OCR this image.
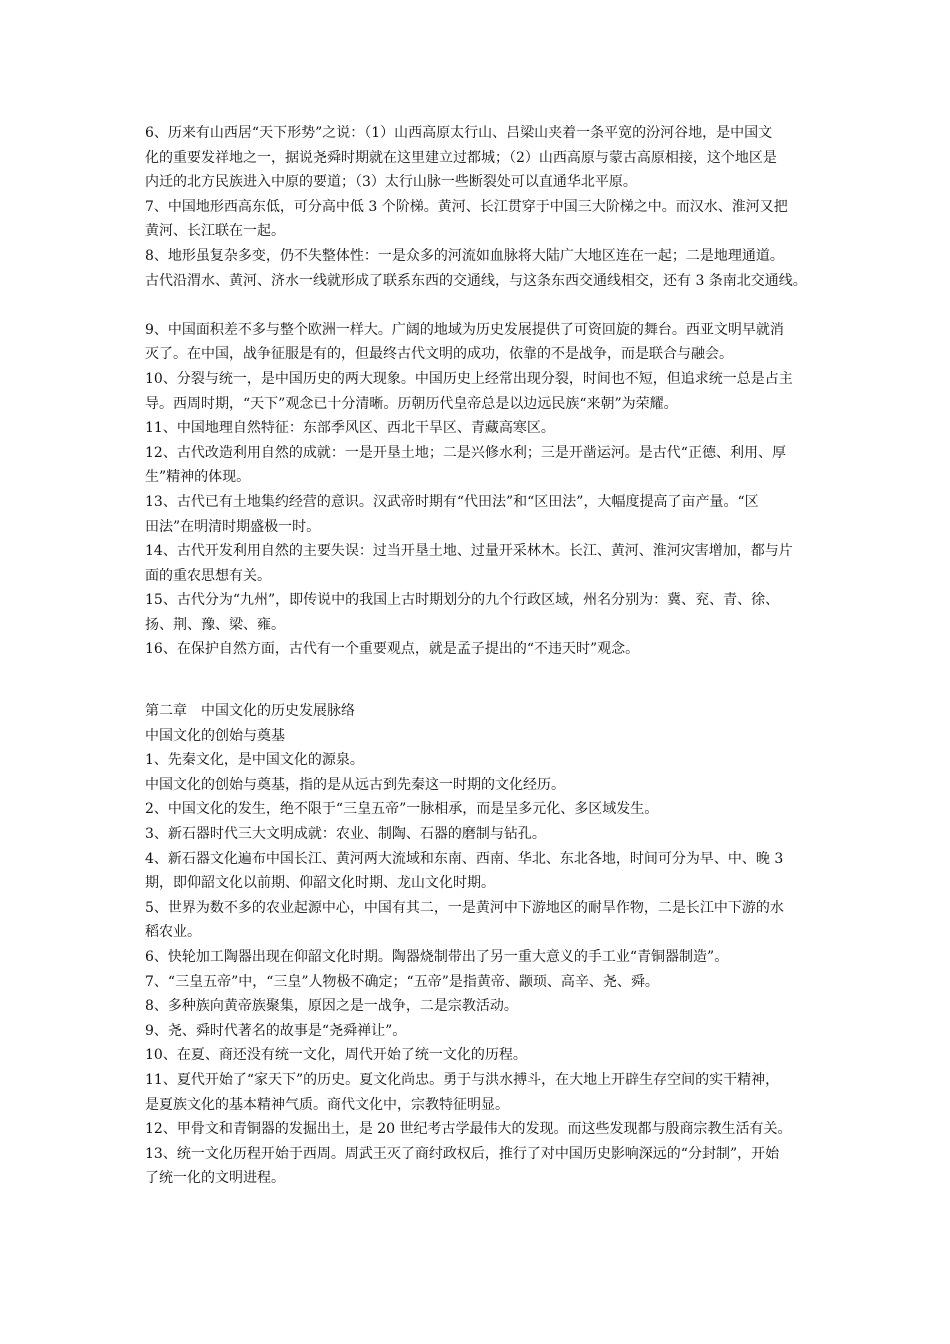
6、历来有山西居“天下形势”之说：（1）山西高原太行山、吕梁山夹着一条平宽的汾河谷地，是中国文
化的重要发祥地之一，据说尧舜时期就在这里建立过都城；（2）山西高原与蒙古高原相接，这个地区是
内迁的北方民族进入中原的要道；（3）太行山脉一些断裂处可以直通华北平原。
7、中国地形西高东低，可分高中低 3 个阶梯。黄河、长江贯穿于中国三大阶梯之中。而汉水、淮河又把
黄河、长江联在一起。
8、地形虽复杂多变，仍不失整体性：一是众多的河流如血脉将大陆广大地区连在一起；二是地理通道。
古代沿渭水、黄河、济水一线就形成了联系东西的交通线，与这条东西交通线相交，还有 3 条南北交通线。
9、中国面积差不多与整个欧洲一样大。广阔的地域为历史发展提供了可资回旋的舞台。西亚文明早就消
灭了。在中国，战争征服是有的，但最终古代文明的成功，依靠的不是战争，而是联合与融会。
10、分裂与统一，是中国历史的两大现象。中国历史上经常出现分裂，时间也不短，但追求统一总是占主
导。西周时期，“天下”观念已十分清晰。历朝历代皇帝总是以边远民族“来朝”为荣耀。
11、中国地理自然特征：东部季风区、西北干旱区、青藏高寒区。
12、古代改造利用自然的成就：一是开垦土地；二是兴修水利；三是开凿运河。是古代“正德、利用、厚
生”精神的体现。
13、古代已有土地集约经营的意识。汉武帝时期有“代田法”和“区田法”，大幅度提高了亩产量。“区
田法”在明清时期盛极一时。
14、古代开发利用自然的主要失误：过当开垦土地、过量开采林木。长江、黄河、淮河灾害增加，都与片
面的重农思想有关。
15、古代分为“九州”，即传说中的我国上古时期划分的九个行政区域，州名分别为：冀、兖、青、徐、
扬、荆、豫、梁、雍。
16、在保护自然方面，古代有一个重要观点，就是孟子提出的“不违天时”观念。
第二章　中国文化的历史发展脉络
中国文化的创始与奠基
1、先秦文化，是中国文化的源泉。
中国文化的创始与奠基，指的是从远古到先秦这一时期的文化经历。
2、中国文化的发生，绝不限于“三皇五帝”一脉相承，而是呈多元化、多区域发生。
3、新石器时代三大文明成就：农业、制陶、石器的磨制与钻孔。
4、新石器文化遍布中国长江、黄河两大流域和东南、西南、华北、东北各地，时间可分为早、中、晚 3
期，即仰韶文化以前期、仰韶文化时期、龙山文化时期。
5、世界为数不多的农业起源中心，中国有其二，一是黄河中下游地区的耐旱作物，二是长江中下游的水
稻农业。
6、快轮加工陶器出现在仰韶文化时期。陶器烧制带出了另一重大意义的手工业“青铜器制造”。
7、“三皇五帝”中，“三皇”人物极不确定；“五帝”是指黄帝、颛顼、高辛、尧、舜。
8、多种族向黄帝族聚集，原因之是一战争，二是宗教活动。
9、尧、舜时代著名的故事是“尧舜禅让”。
10、在夏、商还没有统一文化，周代开始了统一文化的历程。
11、夏代开始了“家天下”的历史。夏文化尚忠。勇于与洪水搏斗，在大地上开辟生存空间的实干精神，
是夏族文化的基本精神气质。商代文化中，宗教特征明显。
12、甲骨文和青铜器的发掘出土，是 20 世纪考古学最伟大的发现。而这些发现都与殷商宗教生活有关。
13、统一文化历程开始于西周。周武王灭了商纣政权后，推行了对中国历史影响深远的“分封制”，开始
了统一化的文明进程。
